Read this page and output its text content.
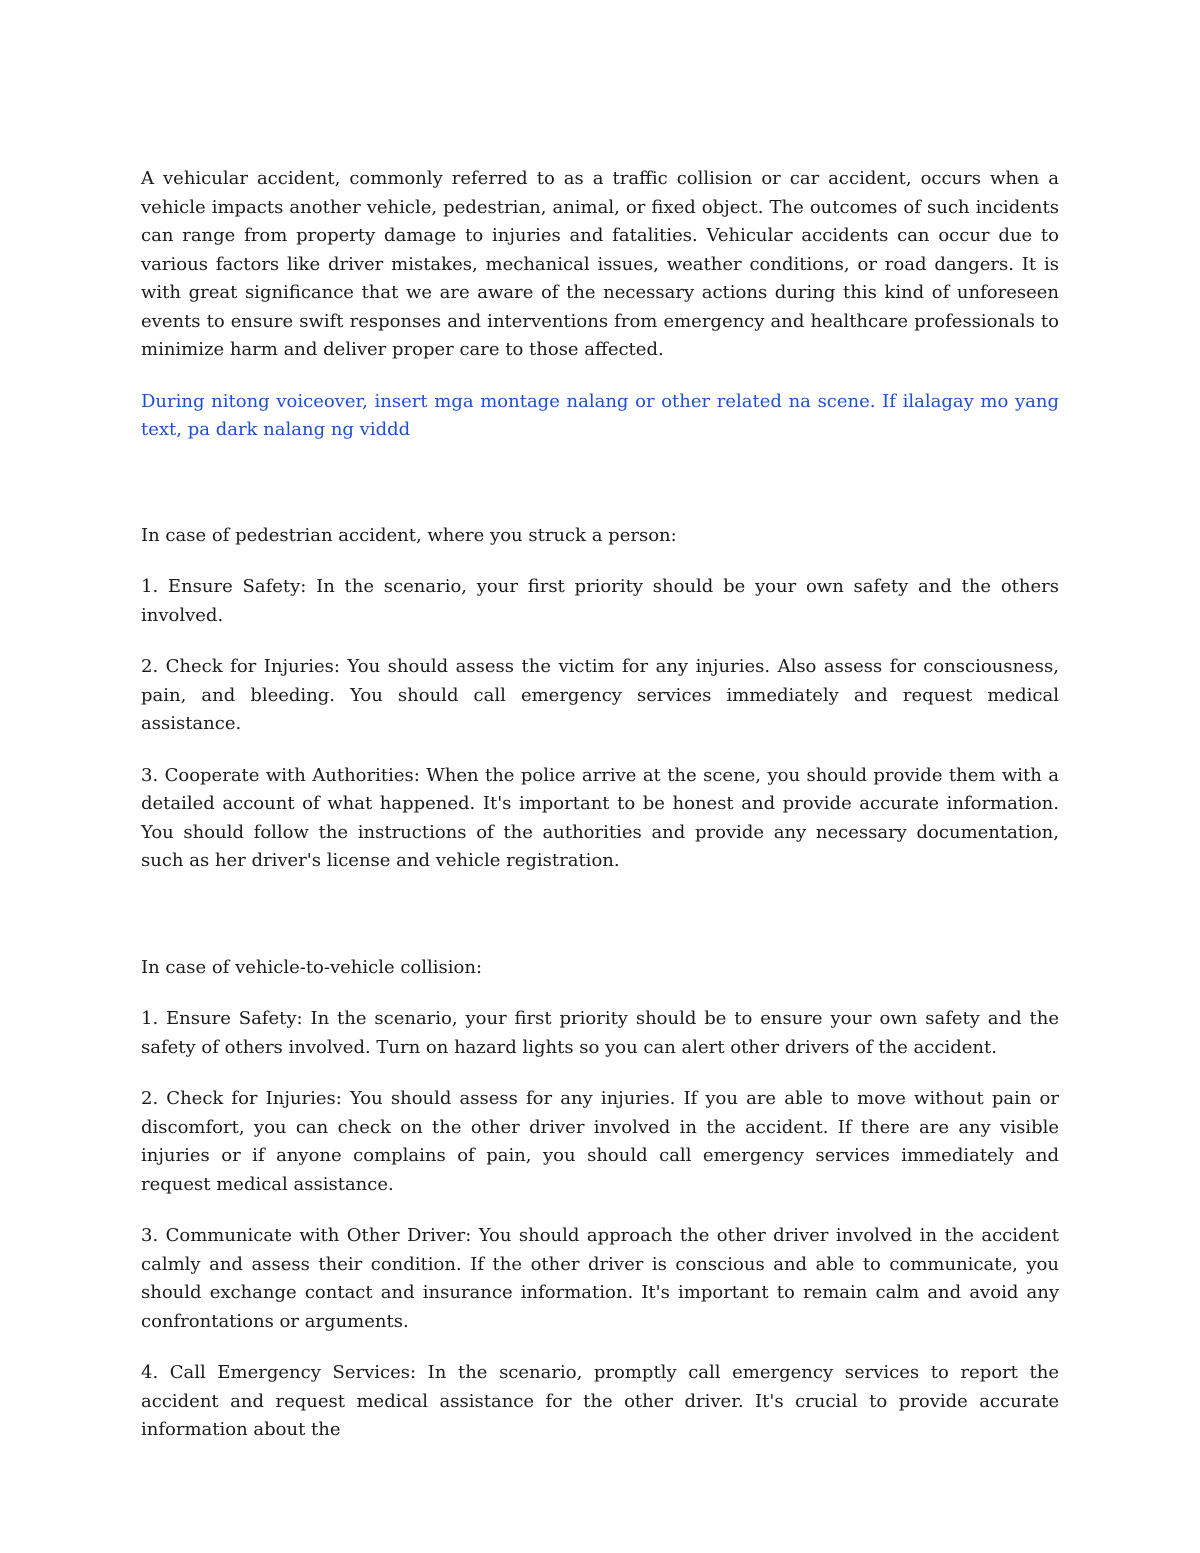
A vehicular accident, commonly referred to as a traffic collision or car accident, occurs when a vehicle impacts another vehicle, pedestrian, animal, or fixed object. The outcomes of such incidents can range from property damage to injuries and fatalities. Vehicular accidents can occur due to various factors like driver mistakes, mechanical issues, weather conditions, or road dangers. It is with great significance that we are aware of the necessary actions during this kind of unforeseen events to ensure swift responses and interventions from emergency and healthcare professionals to minimize harm and deliver proper care to those affected.

During nitong voiceover, insert mga montage nalang or other related na scene. If ilalagay mo yang text, pa dark nalang ng viddd

In case of pedestrian accident, where you struck a person:

1. Ensure Safety: In the scenario, your first priority should be your own safety and the others involved.

2. Check for Injuries: You should assess the victim for any injuries. Also assess for consciousness, pain, and bleeding. You should call emergency services immediately and request medical assistance.

3. Cooperate with Authorities: When the police arrive at the scene, you should provide them with a detailed account of what happened. It's important to be honest and provide accurate information. You should follow the instructions of the authorities and provide any necessary documentation, such as her driver's license and vehicle registration.

In case of vehicle-to-vehicle collision:

1. Ensure Safety: In the scenario, your first priority should be to ensure your own safety and the safety of others involved. Turn on hazard lights so you can alert other drivers of the accident.

2. Check for Injuries: You should assess for any injuries. If you are able to move without pain or discomfort, you can check on the other driver involved in the accident. If there are any visible injuries or if anyone complains of pain, you should call emergency services immediately and request medical assistance.

3. Communicate with Other Driver: You should approach the other driver involved in the accident calmly and assess their condition. If the other driver is conscious and able to communicate, you should exchange contact and insurance information. It's important to remain calm and avoid any confrontations or arguments.

4. Call Emergency Services: In the scenario, promptly call emergency services to report the accident and request medical assistance for the other driver. It's crucial to provide accurate information about the
